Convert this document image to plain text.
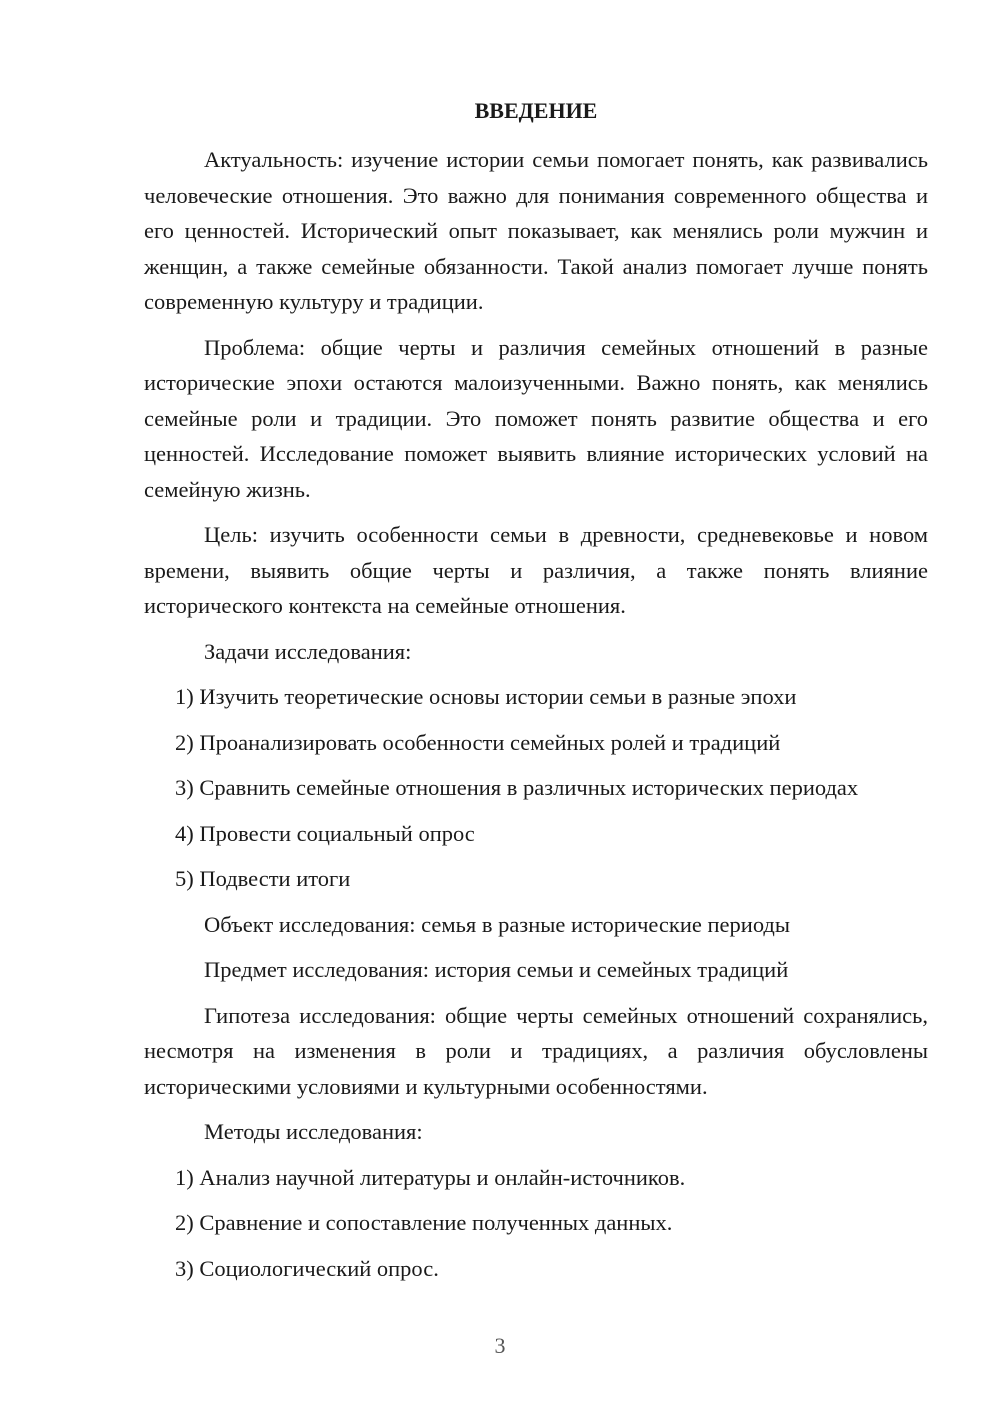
ВВЕДЕНИЕ

Актуальность: изучение истории семьи помогает понять, как развивались человеческие отношения. Это важно для понимания современного общества и его ценностей. Исторический опыт показывает, как менялись роли мужчин и женщин, а также семейные обязанности. Такой анализ помогает лучше понять современную культуру и традиции.

Проблема: общие черты и различия семейных отношений в разные исторические эпохи остаются малоизученными. Важно понять, как менялись семейные роли и традиции. Это поможет понять развитие общества и его ценностей. Исследование поможет выявить влияние исторических условий на семейную жизнь.

Цель: изучить особенности семьи в древности, средневековье и новом времени, выявить общие черты и различия, а также понять влияние исторического контекста на семейные отношения.

Задачи исследования:

1) Изучить теоретические основы истории семьи в разные эпохи
2) Проанализировать особенности семейных ролей и традиций
3) Сравнить семейные отношения в различных исторических периодах
4) Провести социальный опрос
5) Подвести итоги

Объект исследования: семья в разные исторические периоды

Предмет исследования: история семьи и семейных традиций

Гипотеза исследования: общие черты семейных отношений сохранялись, несмотря на изменения в роли и традициях, а различия обусловлены историческими условиями и культурными особенностями.

Методы исследования:

1) Анализ научной литературы и онлайн-источников.
2) Сравнение и сопоставление полученных данных.
3) Социологический опрос.
3
